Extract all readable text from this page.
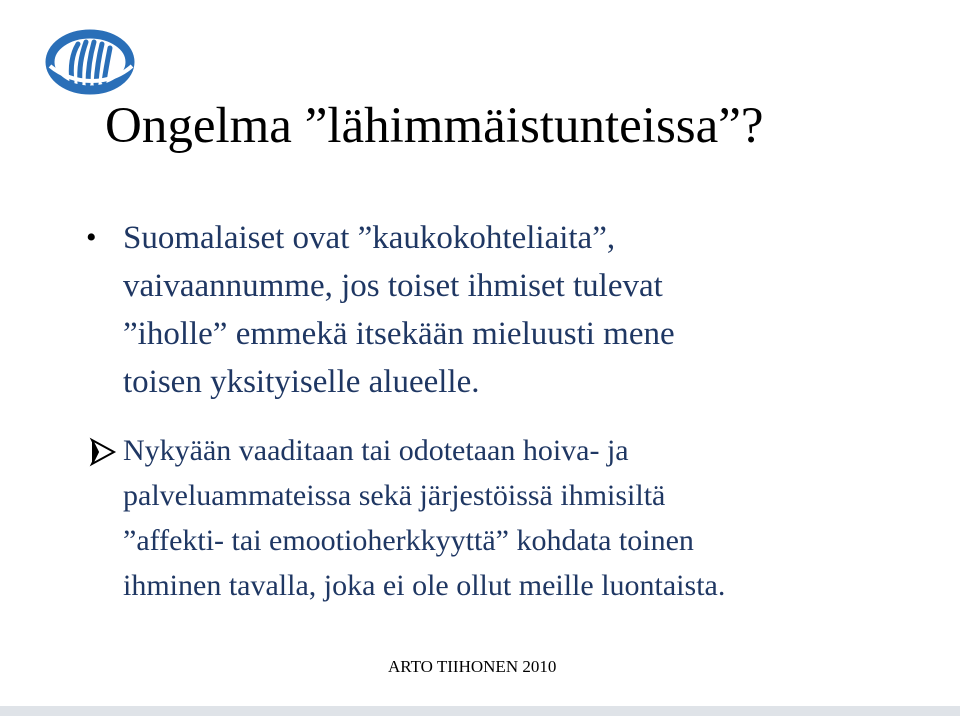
Ongelma ”lähimmäistunteissa”?
• Suomalaiset ovat ”kaukokohteliaita”,
vaivaannumme, jos toiset ihmiset tulevat
”iholle” emmekä itsekään mieluusti mene
toisen yksityiselle alueelle.
Nykyään vaaditaan tai odotetaan hoiva- ja
palveluammateissa sekä järjestöissä ihmisiltä
”affekti- tai emootioherkkyyttä” kohdata toinen
ihminen tavalla, joka ei ole ollut meille luontaista.
ARTO TIIHONEN 2010
